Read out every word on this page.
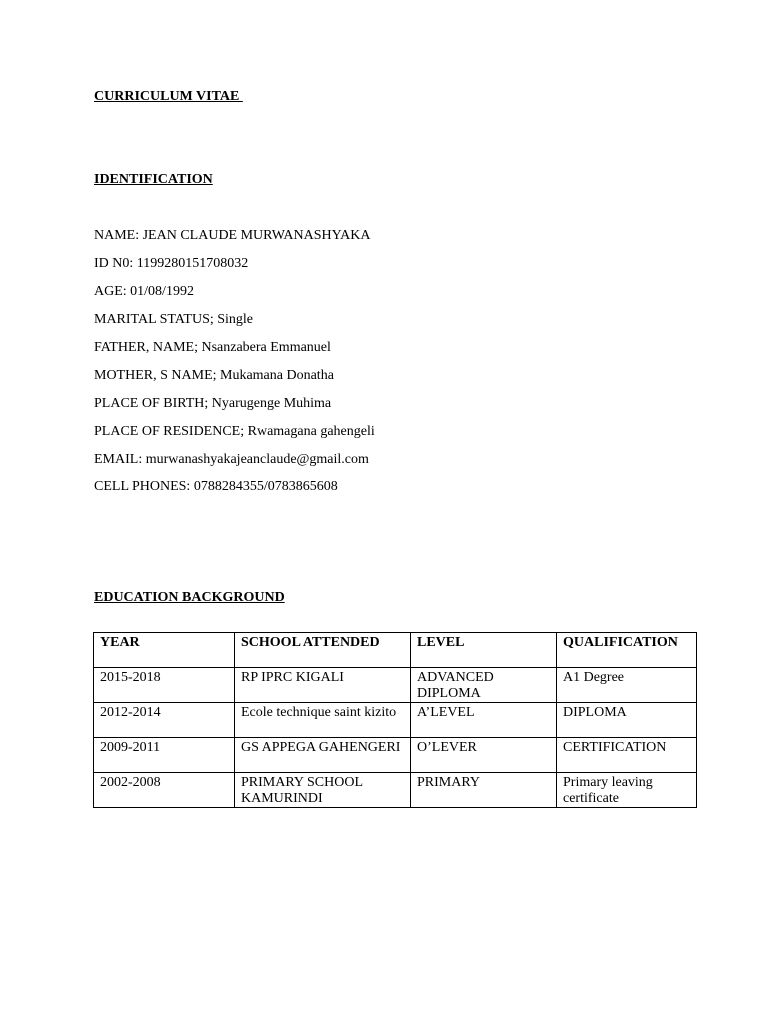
CURRICULUM VITAE
IDENTIFICATION
NAME: JEAN CLAUDE MURWANASHYAKA
ID N0: 1199280151708032
AGE: 01/08/1992
MARITAL STATUS; Single
FATHER, NAME; Nsanzabera Emmanuel
MOTHER, S NAME; Mukamana Donatha
PLACE OF BIRTH; Nyarugenge Muhima
PLACE OF RESIDENCE; Rwamagana gahengeli
EMAIL: murwanashyakajeanclaude@gmail.com
CELL PHONES: 0788284355/0783865608
EDUCATION BACKGROUND
YEAR	SCHOOL ATTENDED	LEVEL	QUALIFICATION
2015-2018	RP IPRC KIGALI	ADVANCED DIPLOMA	A1 Degree
2012-2014	Ecole technique saint kizito	A’LEVEL	DIPLOMA
2009-2011	GS APPEGA GAHENGERI	O’LEVER	CERTIFICATION
2002-2008	PRIMARY SCHOOL KAMURINDI	PRIMARY	Primary leaving certificate
